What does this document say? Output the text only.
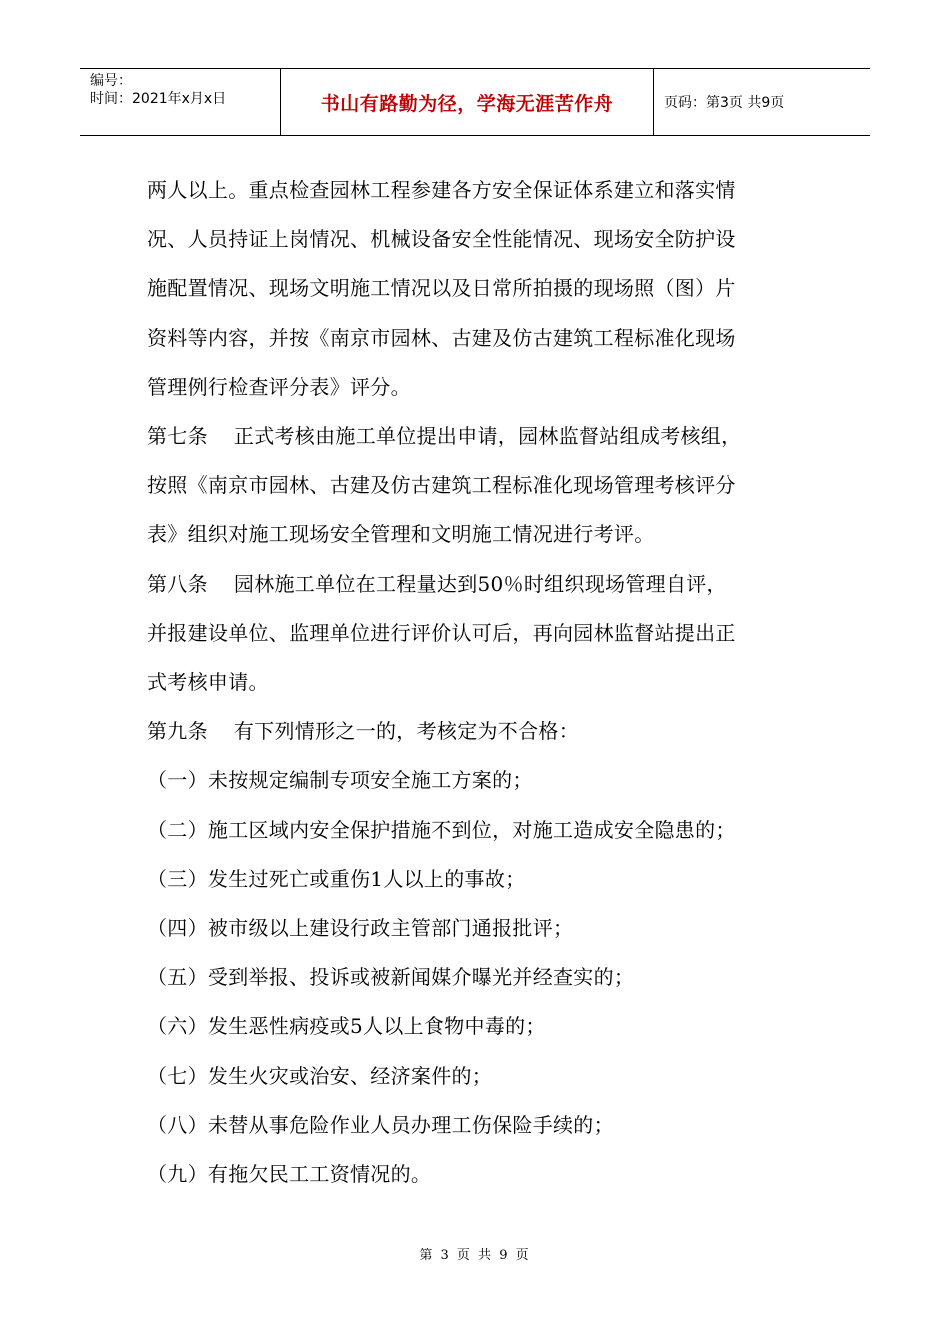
编号：
时间：2021年x月x日	书山有路勤为径，学海无涯苦作舟	页码：第3页 共9页

两人以上。重点检查园林工程参建各方安全保证体系建立和落实情

况、人员持证上岗情况、机械设备安全性能情况、现场安全防护设

施配置情况、现场文明施工情况以及日常所拍摄的现场照（图）片

资料等内容，并按《南京市园林、古建及仿古建筑工程标准化现场

管理例行检查评分表》评分。

第七条 正式考核由施工单位提出申请，园林监督站组成考核组，

按照《南京市园林、古建及仿古建筑工程标准化现场管理考核评分

表》组织对施工现场安全管理和文明施工情况进行考评。

第八条 园林施工单位在工程量达到50％时组织现场管理自评，

并报建设单位、监理单位进行评价认可后，再向园林监督站提出正

式考核申请。

第九条 有下列情形之一的，考核定为不合格：

（一）未按规定编制专项安全施工方案的；

（二）施工区域内安全保护措施不到位，对施工造成安全隐患的；

（三）发生过死亡或重伤1人以上的事故；

（四）被市级以上建设行政主管部门通报批评；

（五）受到举报、投诉或被新闻媒介曝光并经查实的；

（六）发生恶性病疫或5人以上食物中毒的；

（七）发生火灾或治安、经济案件的；

（八）未替从事危险作业人员办理工伤保险手续的；

（九）有拖欠民工工资情况的。

第 3 页 共 9 页
